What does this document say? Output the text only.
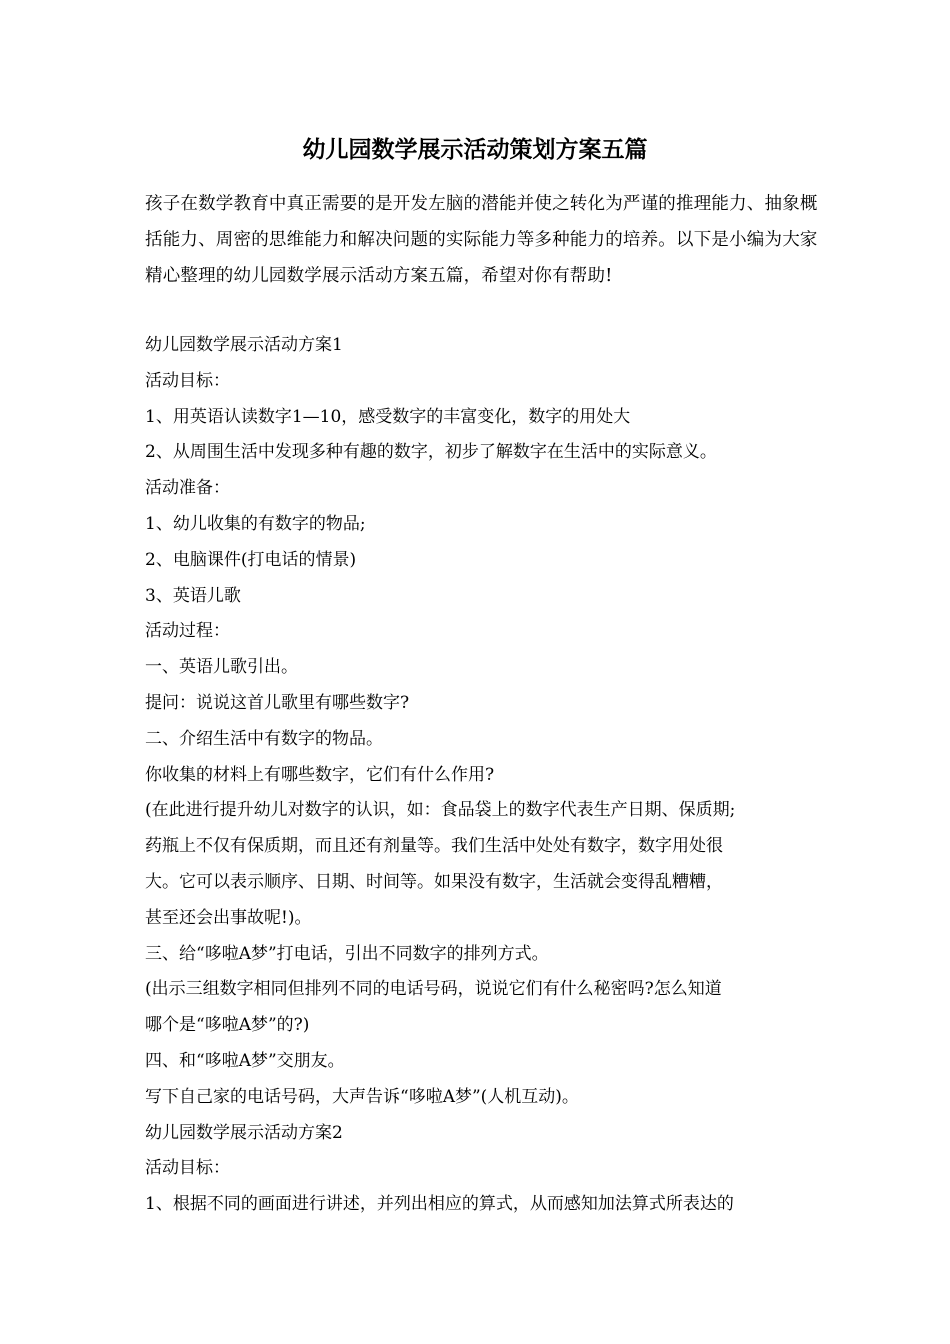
幼儿园数学展示活动策划方案五篇

孩子在数学教育中真正需要的是开发左脑的潜能并使之转化为严谨的推理能力、抽象概括能力、周密的思维能力和解决问题的实际能力等多种能力的培养。以下是小编为大家精心整理的幼儿园数学展示活动方案五篇，希望对你有帮助!

幼儿园数学展示活动方案1
活动目标：
1、用英语认读数字1—10，感受数字的丰富变化，数字的用处大
2、从周围生活中发现多种有趣的数字，初步了解数字在生活中的实际意义。
活动准备：
1、幼儿收集的有数字的物品;
2、电脑课件(打电话的情景)
3、英语儿歌
活动过程：
一、英语儿歌引出。
提问：说说这首儿歌里有哪些数字?
二、介绍生活中有数字的物品。
你收集的材料上有哪些数字，它们有什么作用?
(在此进行提升幼儿对数字的认识，如：食品袋上的数字代表生产日期、保质期;
药瓶上不仅有保质期，而且还有剂量等。我们生活中处处有数字，数字用处很
大。它可以表示顺序、日期、时间等。如果没有数字，生活就会变得乱糟糟，
甚至还会出事故呢!)。
三、给“哆啦A梦”打电话，引出不同数字的排列方式。
(出示三组数字相同但排列不同的电话号码，说说它们有什么秘密吗?怎么知道
哪个是“哆啦A梦”的?)
四、和“哆啦A梦”交朋友。
写下自己家的电话号码，大声告诉“哆啦A梦”(人机互动)。
幼儿园数学展示活动方案2
活动目标：
1、根据不同的画面进行讲述，并列出相应的算式，从而感知加法算式所表达的
